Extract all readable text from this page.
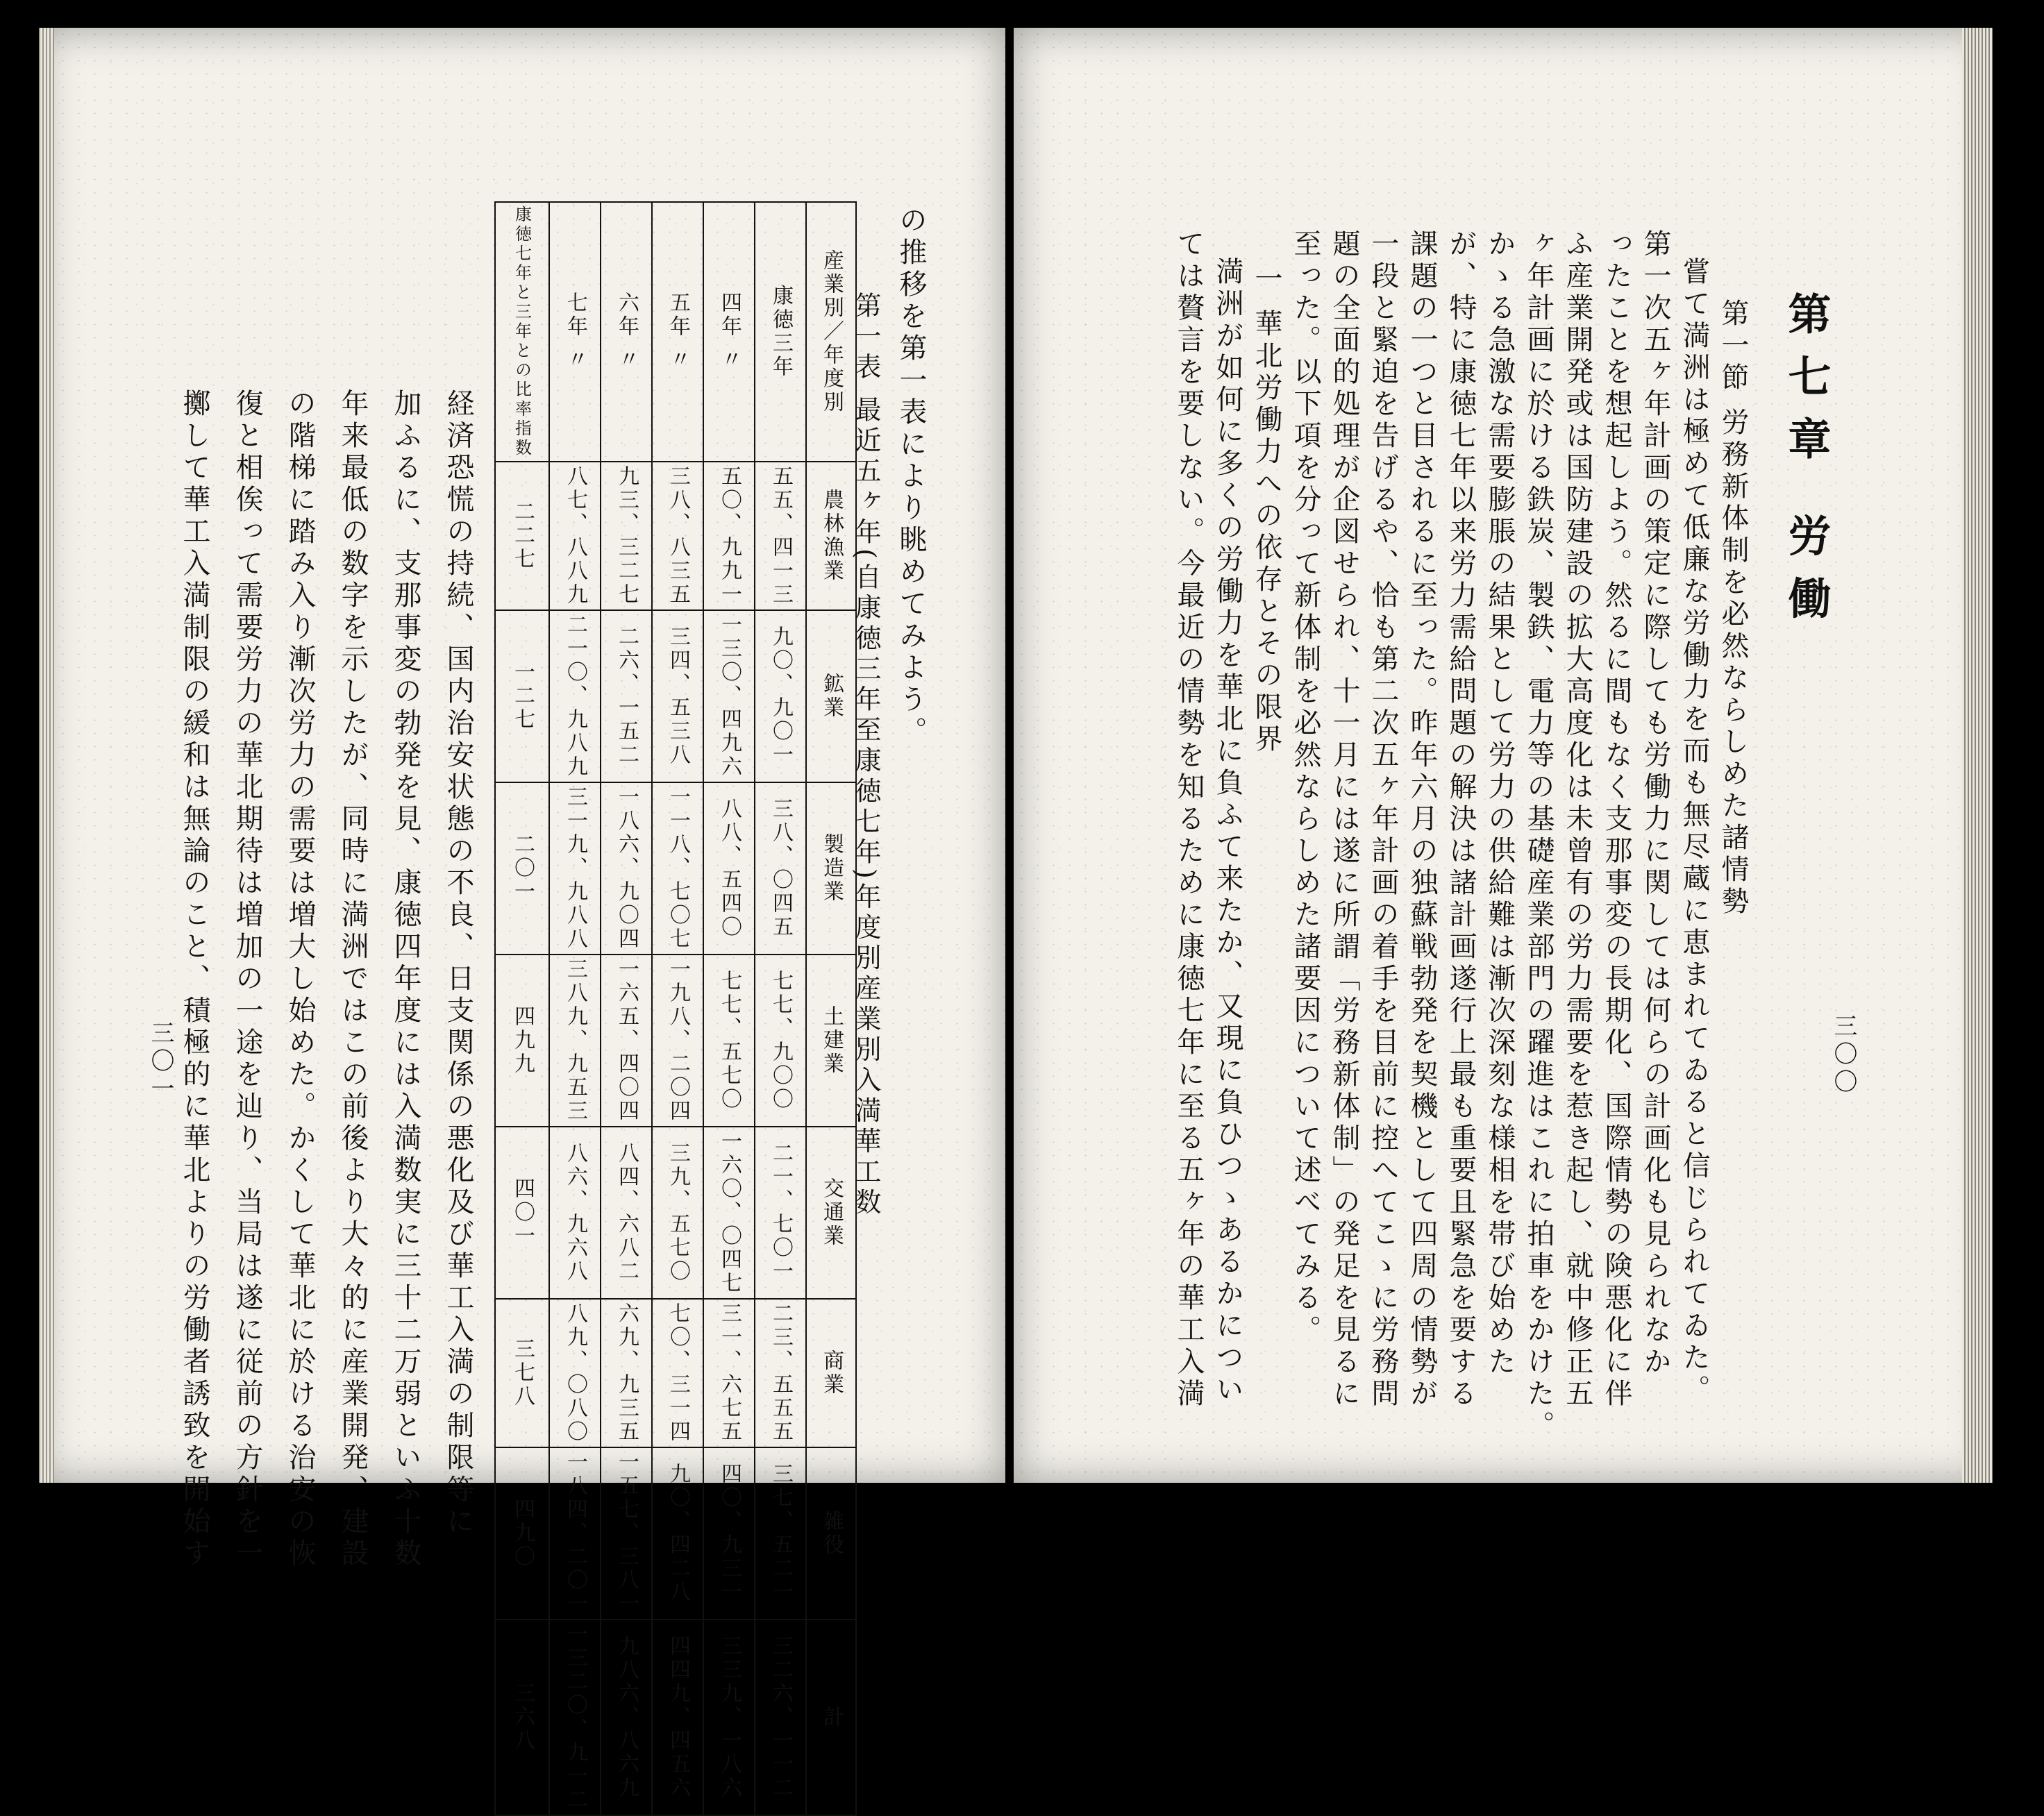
の推移を第一表により眺めてみよう。
第一表 最近五ヶ年(自康徳三年至康徳七年)年度別産業別入満華工数
産業別／年度別	康徳三年	〃 四年	〃 五年	〃 六年	〃 七年	康徳七年と三年との比率指数
農林漁業	五五、四一三	五〇、九九一	三八、八三五	九三、三二七	八七、八八九	二二七
鉱業	九〇、九〇一	一三〇、四九六	三四、五三八	二六、一五二	二一〇、九八九	一二七
製造業	三八、〇四五	八八、五四〇	一一八、七〇七	一八六、九〇四	三一九、九八八	二〇一
土建業	七七、九〇〇	七七、五七〇	一九八、二〇四	一六五、四〇四	三八九、九五三	四九九
交通業	二一、七〇一	一六〇、〇四七	三九、五七〇	八四、六八二	八六、九六八	四〇一
商業	二三、五五五	三一、六七五	七〇、三一四	六九、九三五	八九、〇八〇	三七八
雑役	三七、五二一	四〇、九三一	九〇、四二八	一五七、三八一	一八四、二〇一	四九〇
計	三二六、一一二	三三九、一八六	四四九、四五六	九八六、八六九	一三二〇、九一二	三六八
経済恐慌の持続、国内治安状態の不良、日支関係の悪化及び華工入満の制限等に
加ふるに、支那事変の勃発を見、康徳四年度には入満数実に三十二万弱といふ十数
年来最低の数字を示したが、同時に満洲ではこの前後より大々的に産業開発、建設
の階梯に踏み入り漸次労力の需要は増大し始めた。かくして華北に於ける治安の恢
復と相俟って需要労力の華北期待は増加の一途を辿り、当局は遂に従前の方針を一
擲して華工入満制限の緩和は無論のこと、積極的に華北よりの労働者誘致を開始す
三〇一
第七章 労働
三〇〇
第一節 労務新体制を必然ならしめた諸情勢
嘗て満洲は極めて低廉な労働力を而も無尽蔵に恵まれてゐると信じられてゐた。
第一次五ヶ年計画の策定に際しても労働力に関しては何らの計画化も見られなか
ったことを想起しよう。然るに間もなく支那事変の長期化、国際情勢の険悪化に伴
ふ産業開発或は国防建設の拡大高度化は未曾有の労力需要を惹き起し、就中修正五
ヶ年計画に於ける鉄炭、製鉄、電力等の基礎産業部門の躍進はこれに拍車をかけた。
かゝる急激な需要膨脹の結果として労力の供給難は漸次深刻な様相を帯び始めた
が、特に康徳七年以来労力需給問題の解決は諸計画遂行上最も重要且緊急を要する
課題の一つと目されるに至った。昨年六月の独蘇戦勃発を契機として四周の情勢が
一段と緊迫を告げるや、恰も第二次五ヶ年計画の着手を目前に控へてこゝに労務問
題の全面的処理が企図せられ、十一月には遂に所謂「労務新体制」の発足を見るに
至った。以下項を分って新体制を必然ならしめた諸要因について述べてみる。
一 華北労働力への依存とその限界
満洲が如何に多くの労働力を華北に負ふて来たか、又現に負ひつゝあるかについ
ては贅言を要しない。今最近の情勢を知るために康徳七年に至る五ヶ年の華工入満
